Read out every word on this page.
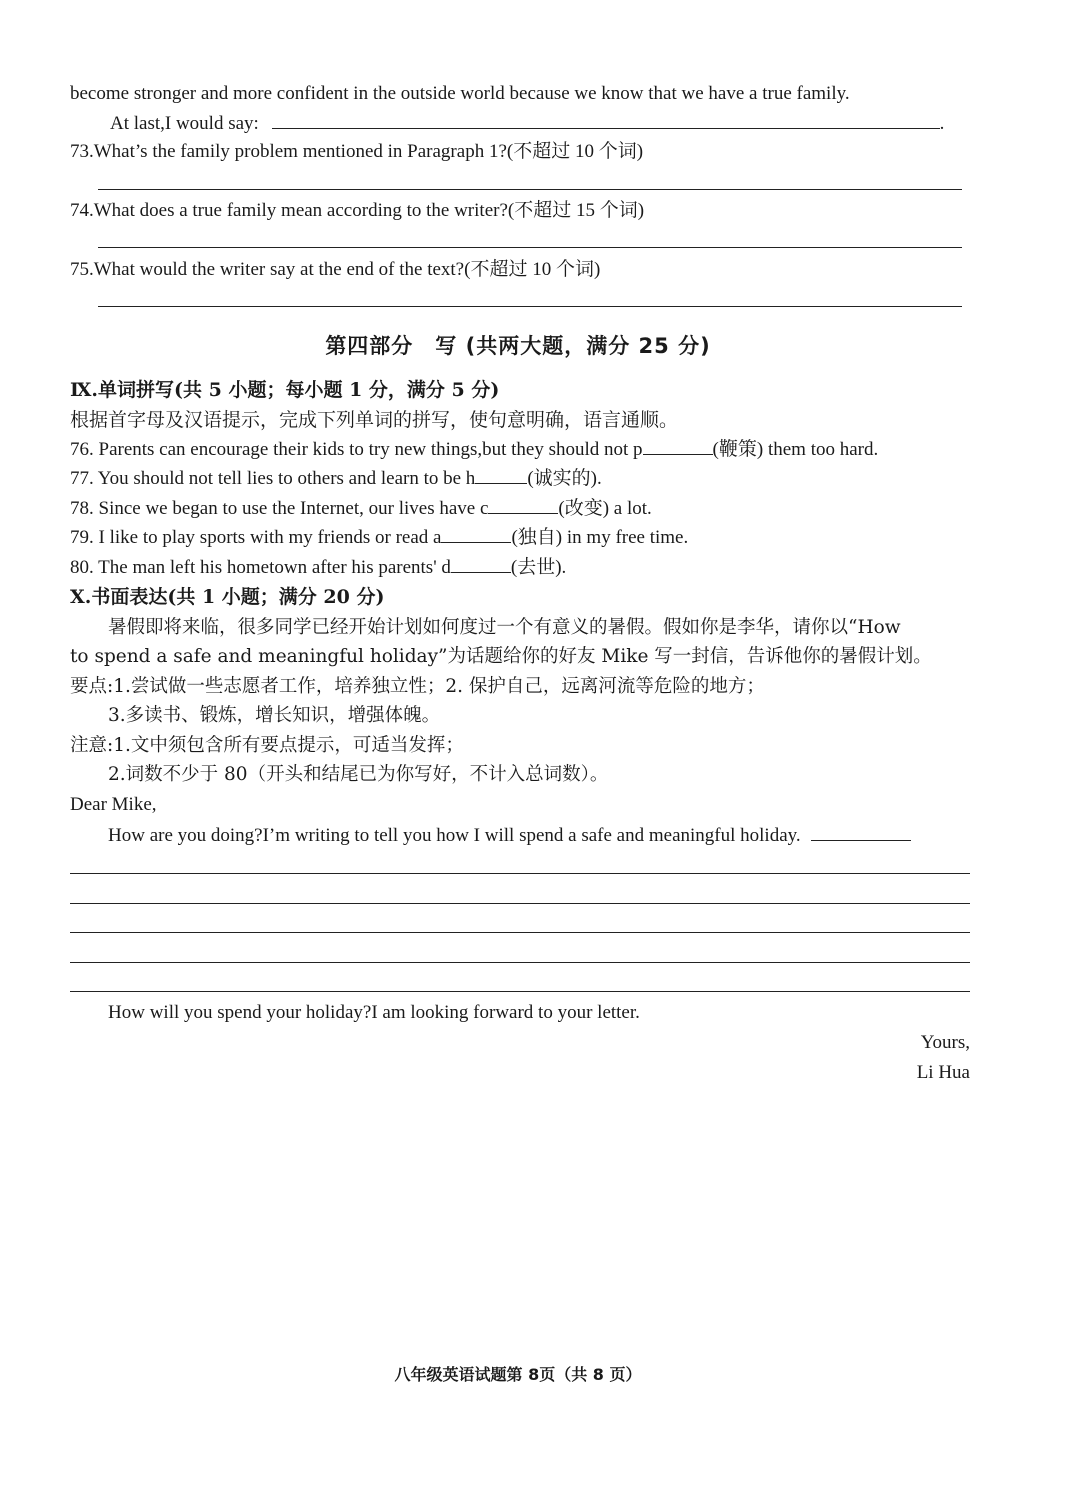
become stronger and more confident in the outside world because we know that we have a true family.
At last,I would say:	.
73.What’s the family problem mentioned in Paragraph 1?(不超过 10 个词)
74.What does a true family mean according to the writer?(不超过 15 个词)
75.What would the writer say at the end of the text?(不超过 10 个词)
第四部分　写 (共两大题，满分 25 分)
Ⅸ.单词拼写(共 5 小题；每小题 1 分，满分 5 分)
根据首字母及汉语提示，完成下列单词的拼写，使句意明确，语言通顺。
76. Parents can encourage their kids to try new things,but they should not p	(鞭策) them too hard.
77. You should not tell lies to others and learn to be h	(诚实的).
78. Since we began to use the Internet, our lives have c	(改变) a lot.
79. I like to play sports with my friends or read a	(独自) in my free time.
80. The man left his hometown after his parents' d	(去世).
Ⅹ.书面表达(共 1 小题；满分 20 分)
暑假即将来临，很多同学已经开始计划如何度过一个有意义的暑假。假如你是李华，请你以“How
to spend a safe and meaningful holiday”为话题给你的好友 Mike 写一封信，告诉他你的暑假计划。
要点:1.尝试做一些志愿者工作，培养独立性；2. 保护自己，远离河流等危险的地方；
3.多读书、锻炼，增长知识，增强体魄。
注意:1.文中须包含所有要点提示，可适当发挥；
2.词数不少于 80（开头和结尾已为你写好，不计入总词数）。
Dear Mike,
How are you doing?I’m writing to tell you how I will spend a safe and meaningful holiday.
How will you spend your holiday?I am looking forward to your letter.
Yours,
Li Hua
八年级英语试题第 8页（共 8 页）
